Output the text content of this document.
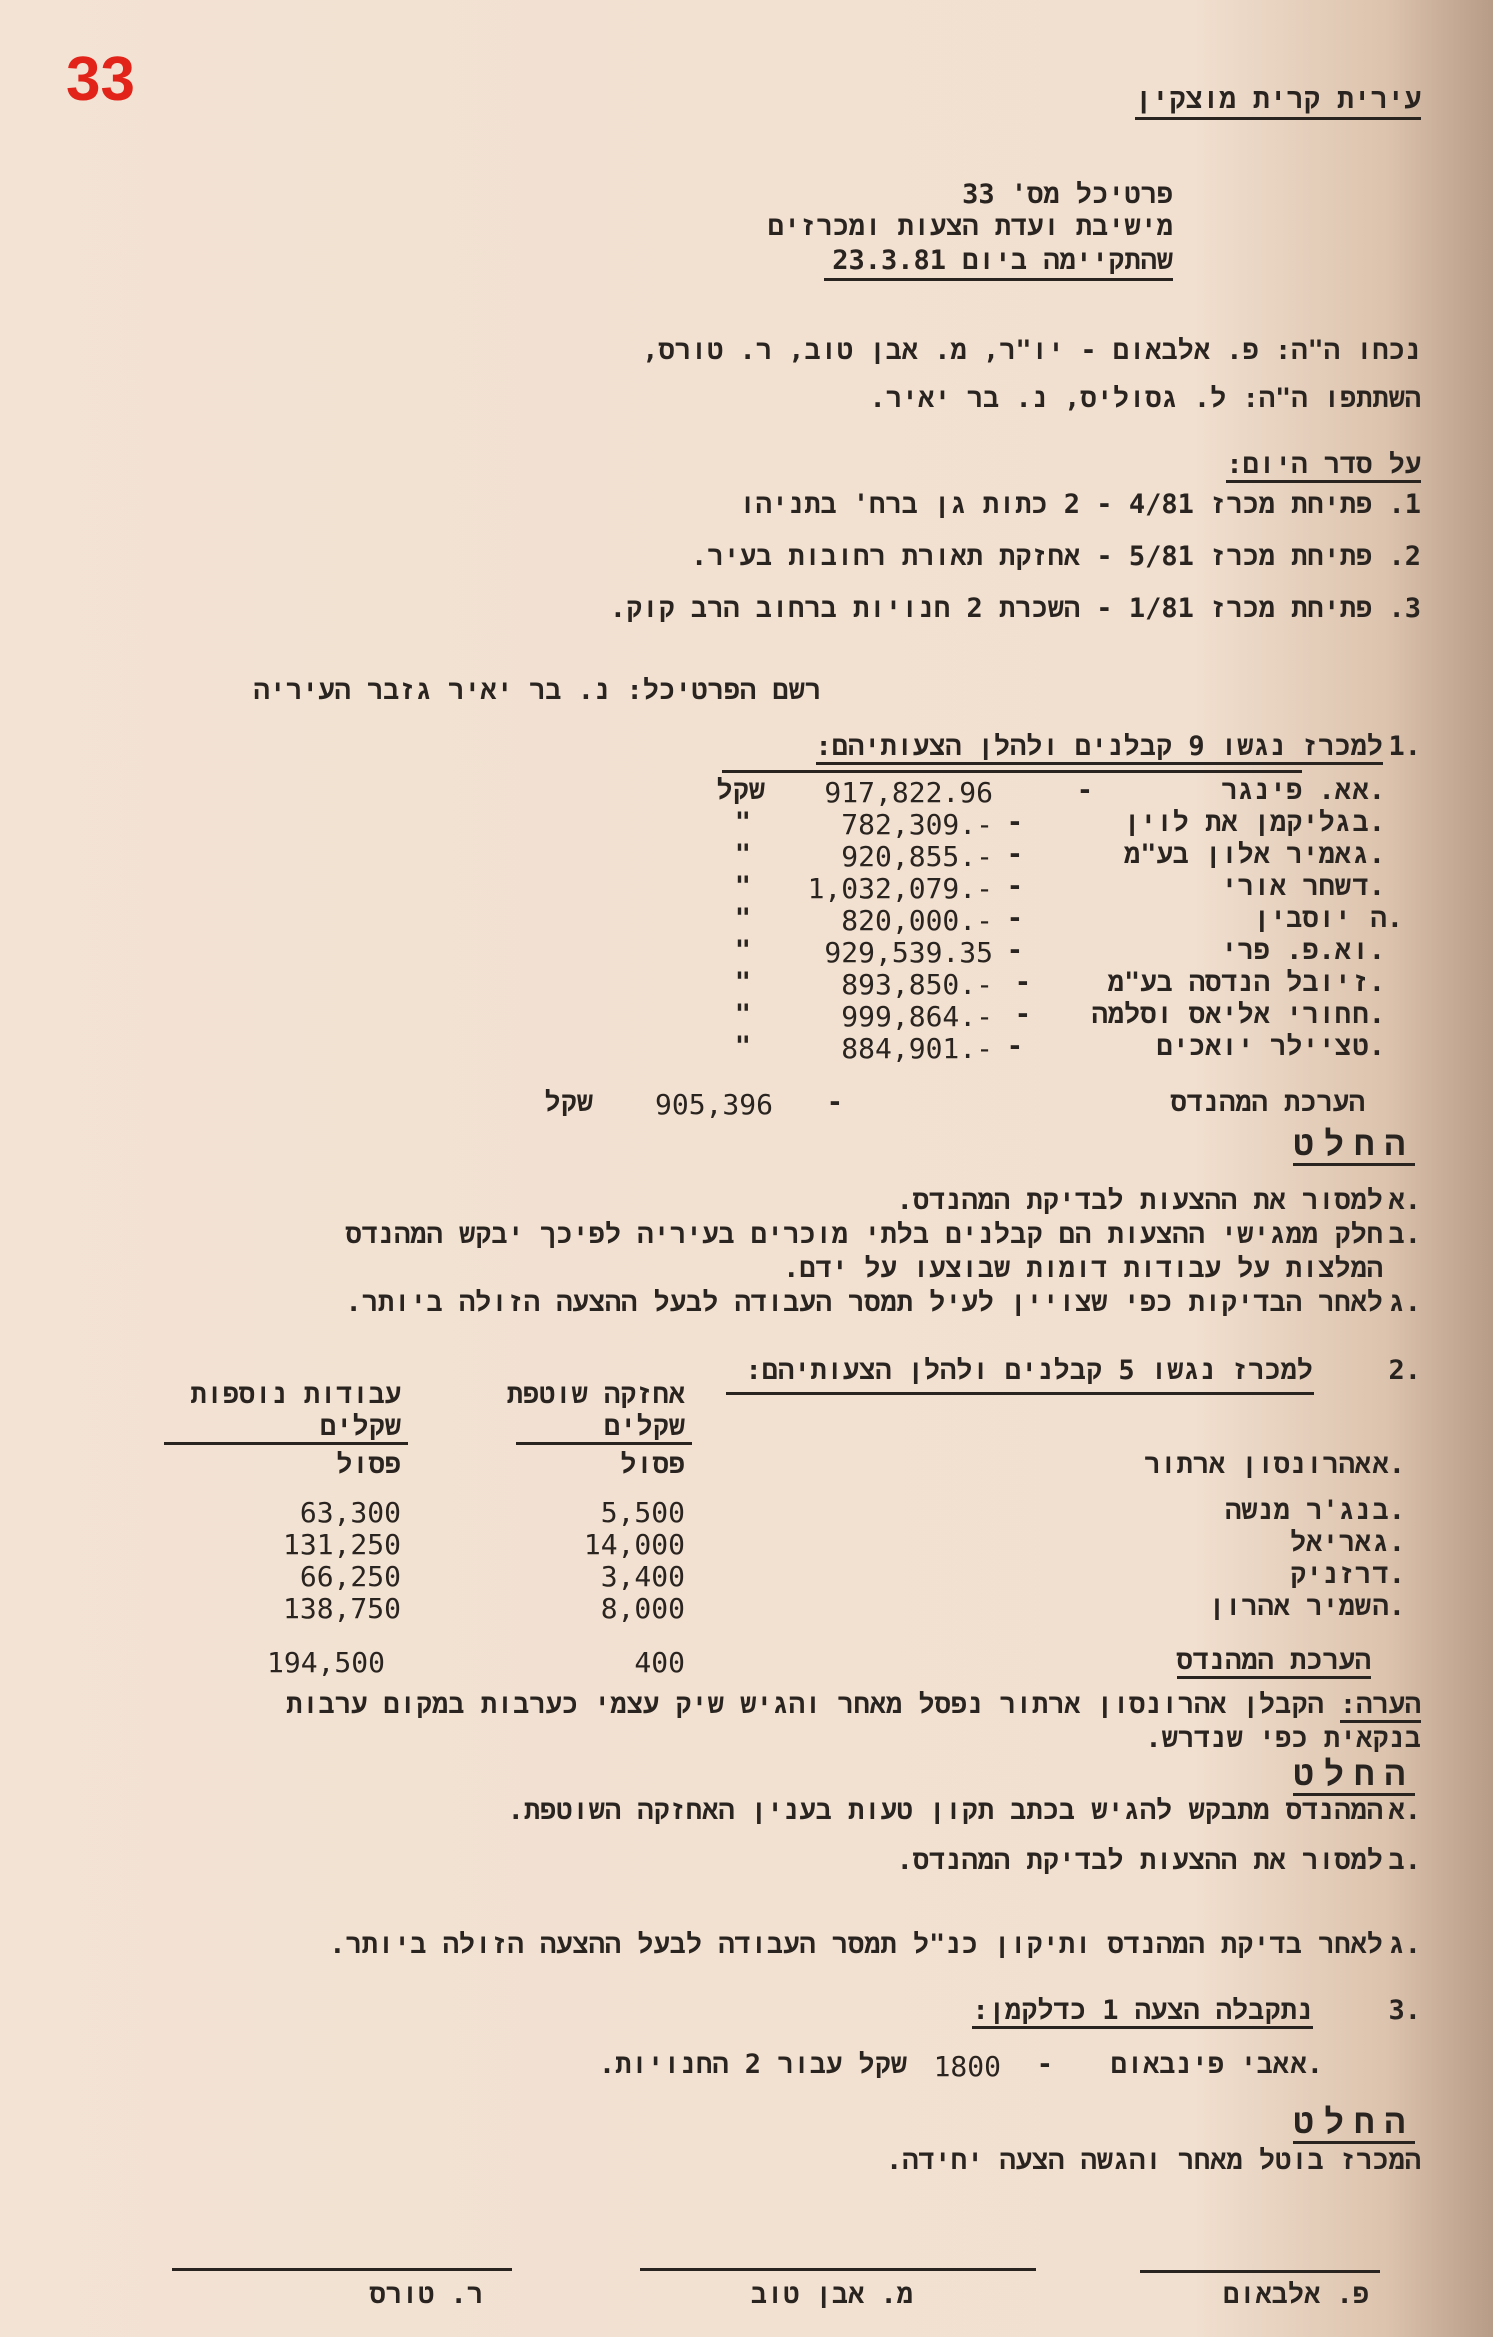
33	עירית קרית מוצקין
פרטיכל מס' 33
מישיבת ועדת הצעות ומכרזים
שהתקיימה ביום 23.3.81
נכחו ה"ה: פ. אלבאום - יו"ר, מ. אבן טוב, ר. טורס,
השתתפו ה"ה: ל. גסוליס, נ. בר יאיר.
על סדר היום:
1. פתיחת מכרז 4/81 - 2 כתות גן ברח' בתניהו
2. פתיחת מכרז 5/81 - אחזקת תאורת רחובות בעיר.
3. פתיחת מכרז 1/81 - השכרת 2 חנויות ברחוב הרב קוק.
רשם הפרטיכל: נ. בר יאיר גזבר העיריה
1.
למכרז נגשו 9 קבלנים ולהלן הצעותיהם:
א.
א. פינגר
-
917,822.96
שקל
ב.
גליקמן את לוין
-
782,309.-
"
ג.
אמיר אלון בע"מ
-
920,855.-
"
ד.
שחר אורי
-
1,032,079.-
"
ה.
יוסבין
-
820,000.-
"
ו.
א.פ. פרי
-
929,539.35
"
ז.
יובל הנדסה בע"מ
-
893,850.-
"
ח.
חורי אליאס וסלמה
-
999,864.-
"
ט.
ציילר יואכים
-
884,901.-
"
הערכת המהנדס
-
905,396
שקל
החלט
א.
למסור את ההצעות לבדיקת המהנדס.
ב.
חלק ממגישי ההצעות הם קבלנים בלתי מוכרים בעיריה לפיכך יבקש המהנדס
המלצות על עבודות דומות שבוצעו על ידם.
ג.
לאחר הבדיקות כפי שצויין לעיל תמסר העבודה לבעל ההצעה הזולה ביותר.
2.
למכרז נגשו 5 קבלנים ולהלן הצעותיהם:
אחזקה שוטפת
שקלים
עבודות נוספות
שקלים
א.
אהרונסון ארתור
פסול
פסול
ב.
נג'ר מנשה
5,500
63,300
ג.
אריאל
14,000
131,250
ד.
רזניק
3,400
66,250
ה.
שמיר אהרון
8,000
138,750
הערכת המהנדס
400
194,500
הערה: הקבלן אהרונסון ארתור נפסל מאחר והגיש שיק עצמי כערבות במקום ערבות
בנקאית כפי שנדרש.
החלט
א.
המהנדס מתבקש להגיש בכתב תקון טעות בענין האחזקה השוטפת.
ב.
למסור את ההצעות לבדיקת המהנדס.
ג.
לאחר בדיקת המהנדס ותיקון כנ"ל תמסר העבודה לבעל ההצעה הזולה ביותר.
3.
נתקבלה הצעה 1 כדלקמן:
א.
אבי פינבאום
-
1800
שקל עבור 2 החנויות.
החלט
המכרז בוטל מאחר והגשה הצעה יחידה.
פ. אלבאום
מ. אבן טוב
ר. טורס
